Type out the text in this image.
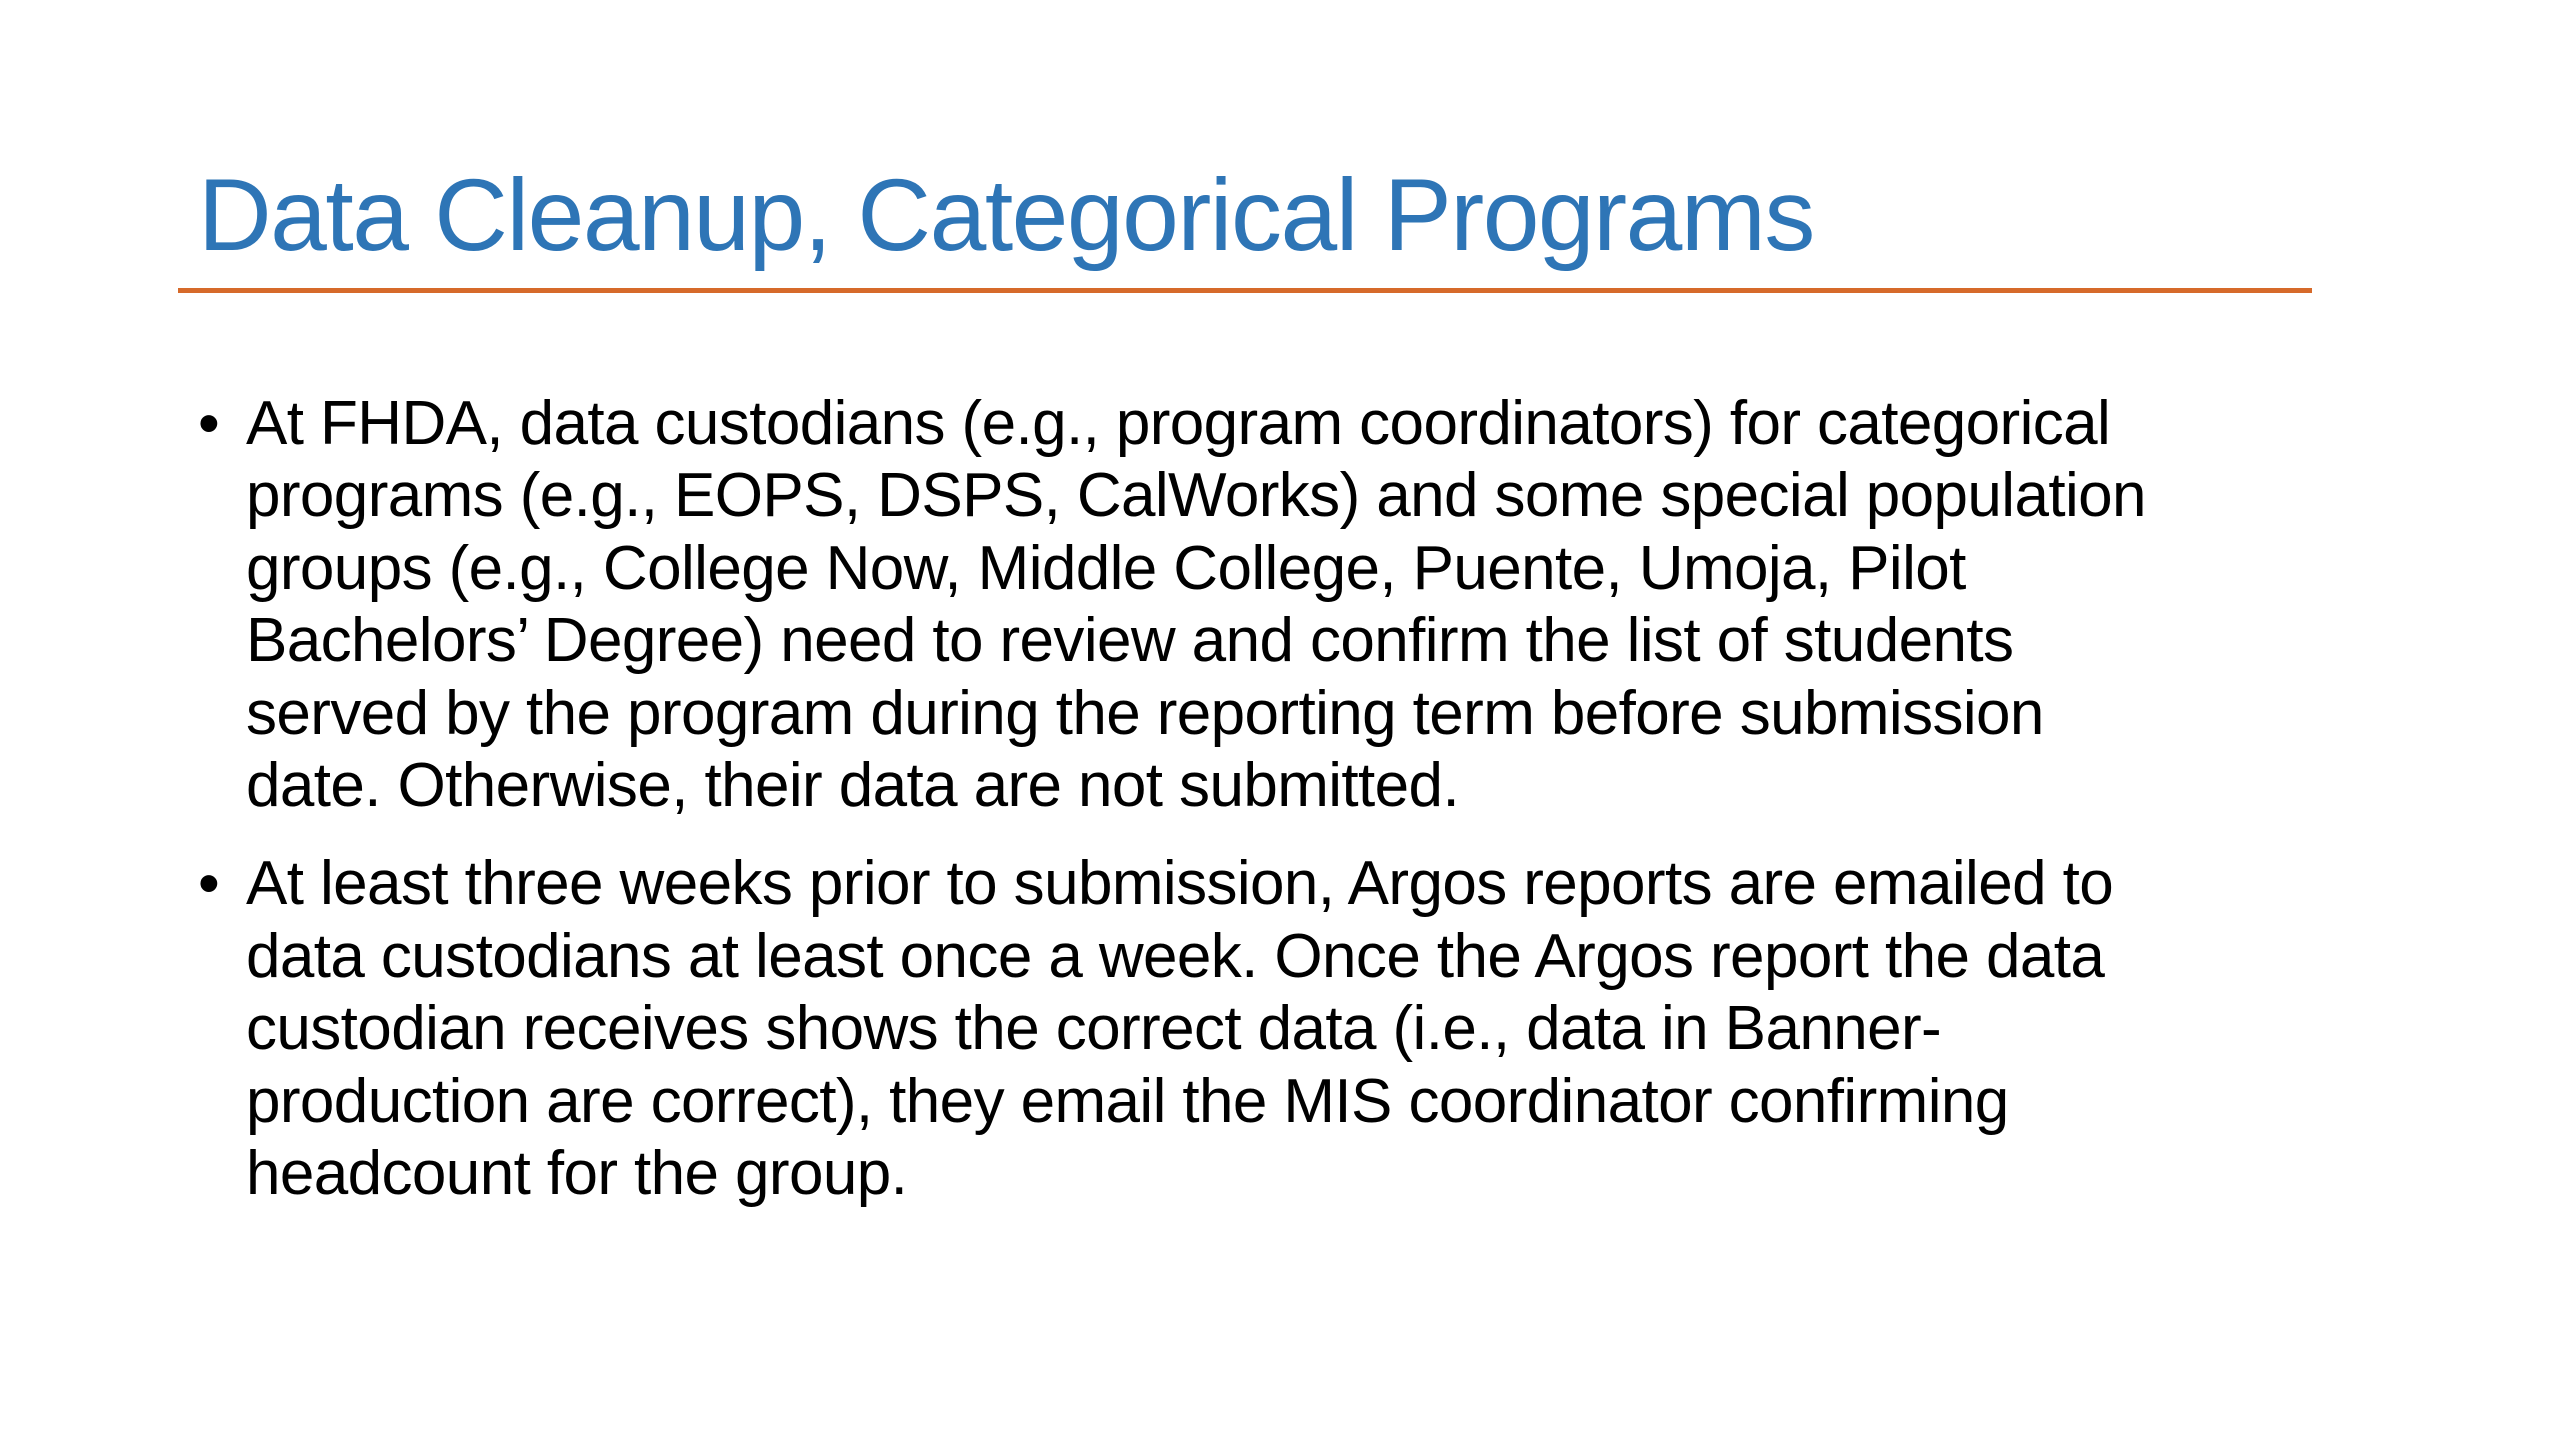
Data Cleanup, Categorical Programs
• At FHDA, data custodians (e.g., program coordinators) for categorical
programs (e.g., EOPS, DSPS, CalWorks) and some special population
groups (e.g., College Now, Middle College, Puente, Umoja, Pilot
Bachelors’ Degree) need to review and confirm the list of students
served by the program during the reporting term before submission
date. Otherwise, their data are not submitted.
• At least three weeks prior to submission, Argos reports are emailed to
data custodians at least once a week. Once the Argos report the data
custodian receives shows the correct data (i.e., data in Banner-
production are correct), they email the MIS coordinator confirming
headcount for the group.
